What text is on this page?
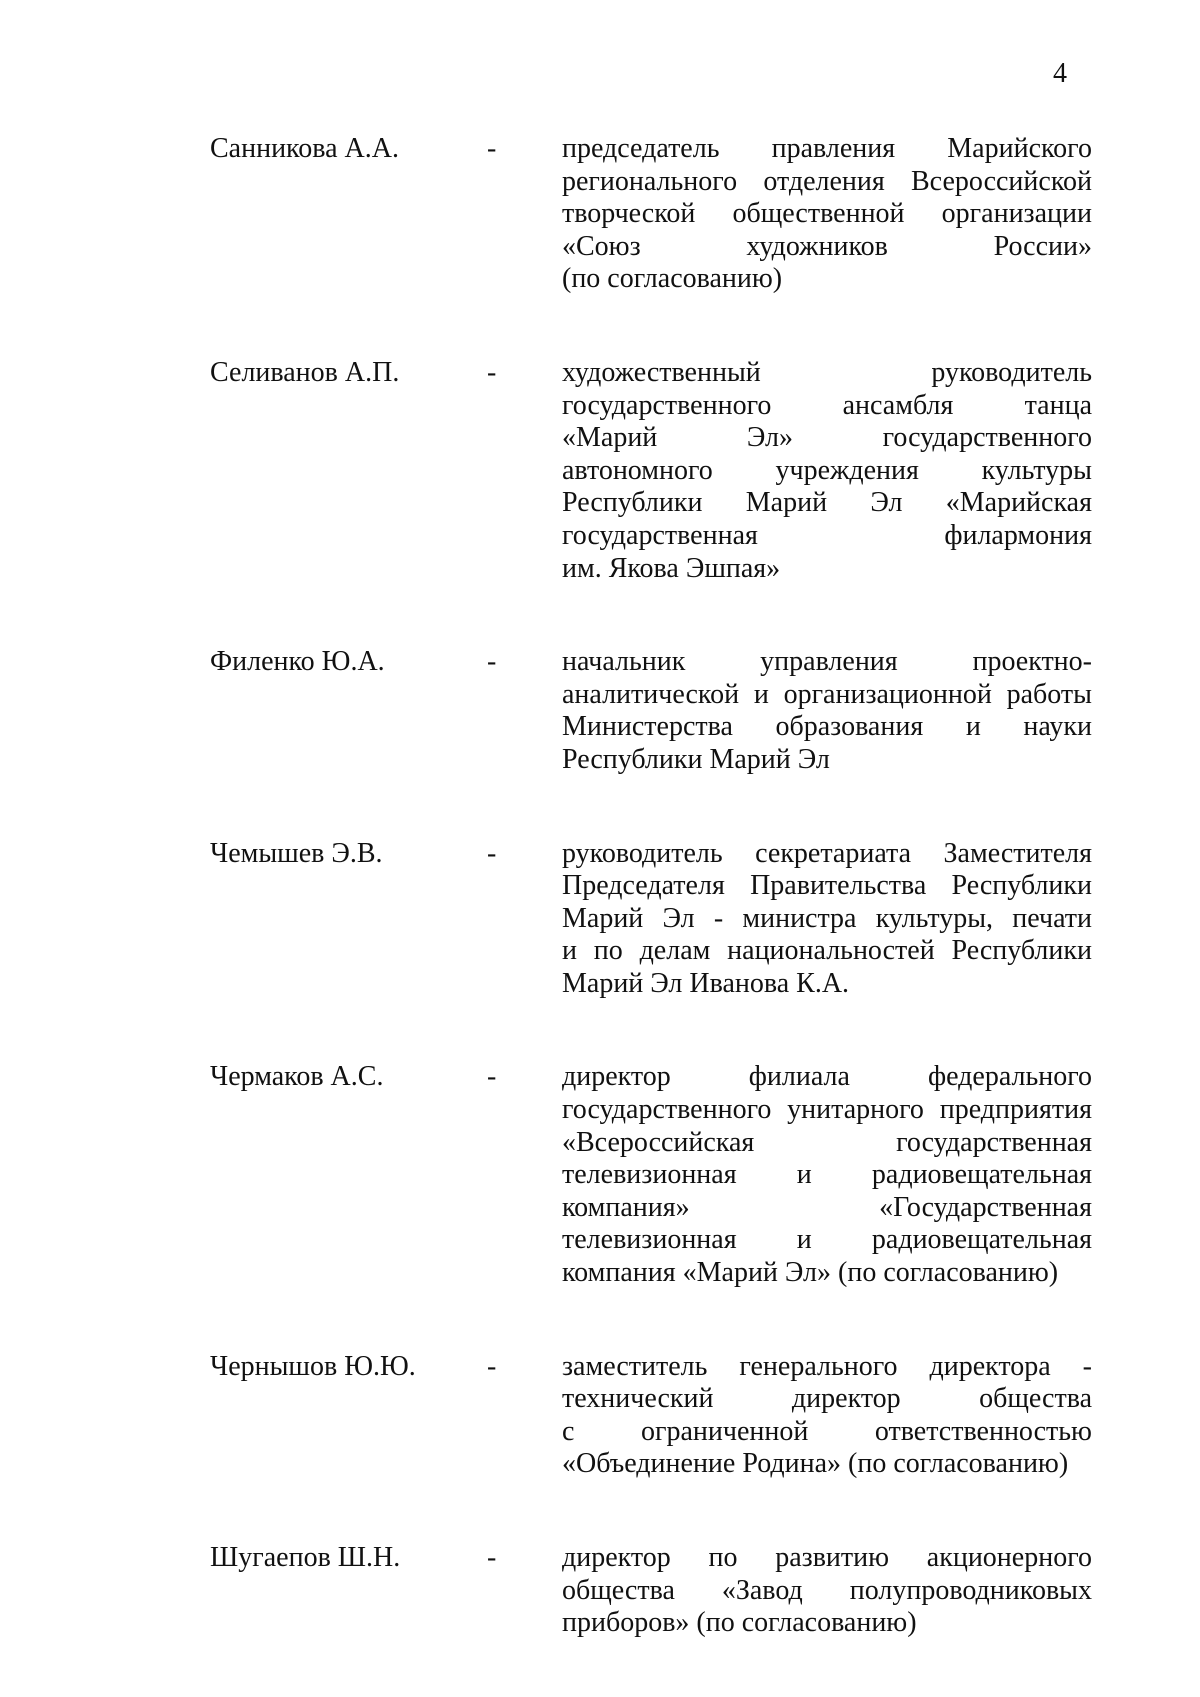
4
Санникова А.А.	- председатель правления Марийского
регионального отделения Всероссийской
творческой общественной организации
«Союз	художников	России»
(по согласованию)
Селиванов А.П.	- художественный	руководитель
государственного	ансамбля	танца
«Марий	Эл»	государственного
автономного учреждения культуры
Республики Марий Эл «Марийская
государственная	филармония
им. Якова Эшпая»
Филенко Ю.А.	- начальник	управления	проектно-
аналитической и организационной работы
Министерства образования и науки
Республики Марий Эл
Чемышев Э.В.	- руководитель секретариата Заместителя
Председателя Правительства Республики
Марий Эл - министра культуры, печати
и по делам национальностей Республики
Марий Эл Иванова К.А.
Чермаков А.С.	- директор	филиала	федерального
государственного унитарного предприятия
«Всероссийская	государственная
телевизионная и радиовещательная
компания»	«Государственная
телевизионная и радиовещательная
компания «Марий Эл» (по согласованию)
Чернышов Ю.Ю.	- заместитель генерального директора -
технический	директор	общества
с ограниченной ответственностью
«Объединение Родина» (по согласованию)
Шугаепов Ш.Н.	- директор по развитию акционерного
общества «Завод полупроводниковых
приборов» (по согласованию)
